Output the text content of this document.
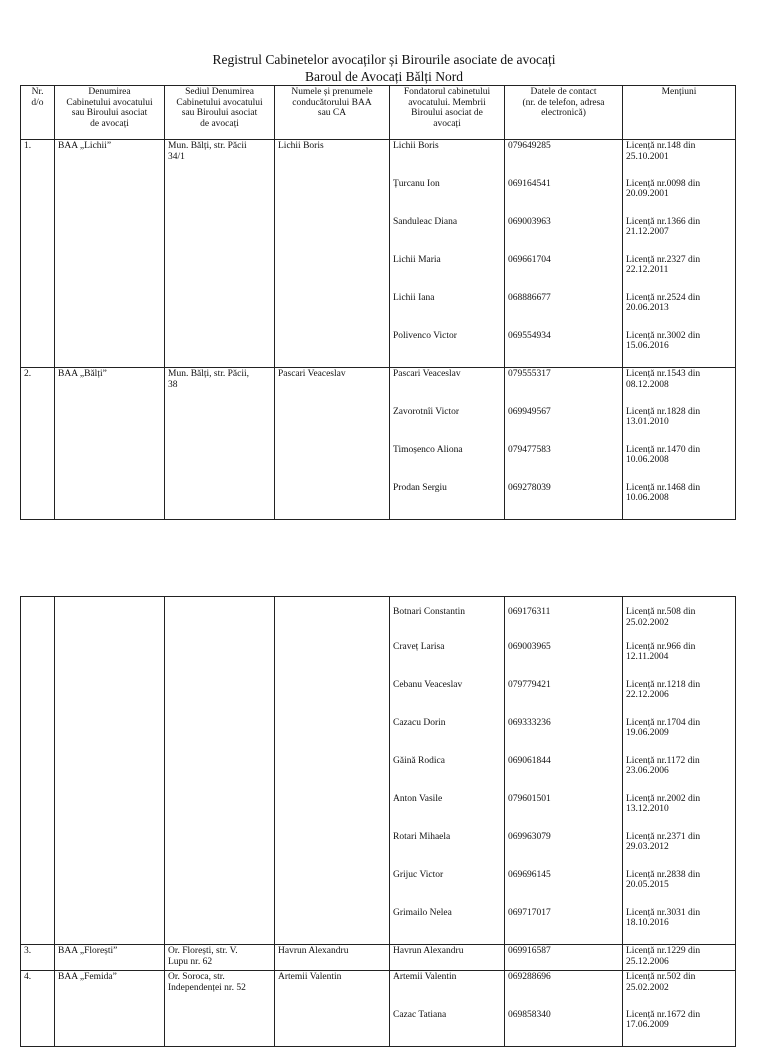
Registrul Cabinetelor avocaților și Birourile asociate de avocați
Baroul de Avocați Bălți Nord
Nr.
d/o	Denumirea
Cabinetului avocatului
sau Biroului asociat
de avocați	Sediul Denumirea
Cabinetului avocatului
sau Biroului asociat
de avocați	Numele și prenumele
conducătorului BAA
sau CA	Fondatorul cabinetului
avocatului. Membrii
Biroului asociat de
avocați	Datele de contact
(nr. de telefon, adresa
electronică)	Mențiuni
1.	BAA „Lichii”	Mun. Bălți, str. Păcii
34/1	Lichii Boris	Lichii Boris	079649285	Licență nr.148 din
25.10.2001
				Țurcanu Ion	069164541	Licență nr.0098 din
20.09.2001
				Sanduleac Diana	069003963	Licență nr.1366 din
21.12.2007
				Lichii Maria	069661704	Licență nr.2327 din
22.12.2011
				Lichii Iana	068886677	Licență nr.2524 din
20.06.2013
				Polivenco Victor	069554934	Licență nr.3002 din
15.06.2016
2.	BAA „Bălți”	Mun. Bălți, str. Păcii,
38	Pascari Veaceslav	Pascari Veaceslav	079555317	Licență nr.1543 din
08.12.2008
				Zavorotnîi Victor	069949567	Licență nr.1828 din
13.01.2010
				Timoșenco Aliona	079477583	Licență nr.1470 din
10.06.2008
				Prodan Sergiu	069278039	Licență nr.1468 din
10.06.2008
				Botnari Constantin	069176311	Licență nr.508 din
25.02.2002
				Craveț Larisa	069003965	Licență nr.966 din
12.11.2004
				Cebanu Veaceslav	079779421	Licență nr.1218 din
22.12.2006
				Cazacu Dorin	069333236	Licență nr.1704 din
19.06.2009
				Găină Rodica	069061844	Licență nr.1172 din
23.06.2006
				Anton Vasile	079601501	Licență nr.2002 din
13.12.2010
				Rotari Mihaela	069963079	Licență nr.2371 din
29.03.2012
				Grijuc Victor	069696145	Licență nr.2838 din
20.05.2015
				Grimailo Nelea	069717017	Licență nr.3031 din
18.10.2016
3.	BAA „Florești”	Or. Florești, str. V.
Lupu nr. 62	Havrun Alexandru	Havrun Alexandru	069916587	Licență nr.1229 din
25.12.2006
4.	BAA „Femida”	Or. Soroca, str.
Independenței nr. 52	Artemii Valentin	Artemii Valentin	069288696	Licență nr.502 din
25.02.2002
				Cazac Tatiana	069858340	Licență nr.1672 din
17.06.2009
